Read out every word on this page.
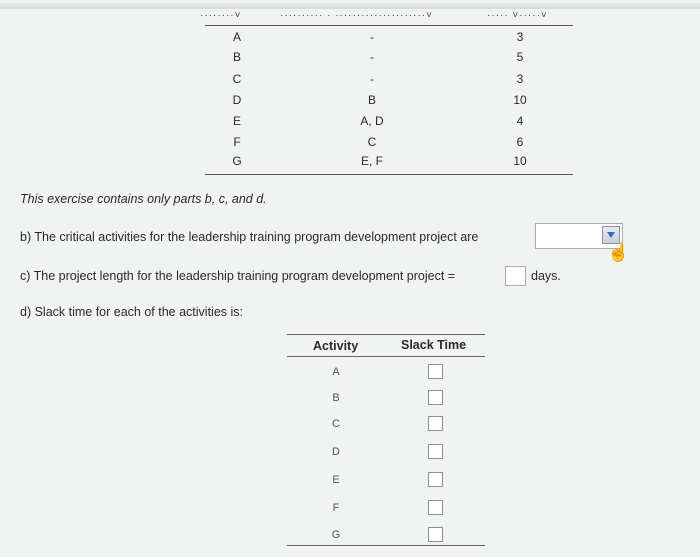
········˅	·········· · ·····················˅	····· ˅·····˅
A	-	3
B	-	5
C	-	3
D	B	10
E	A, D	4
F	C	6
G	E, F	10
This exercise contains only parts b, c, and d.
b) The critical activities for the leadership training program development project are
☝
c) The project length for the leadership training program development project =	days.
d) Slack time for each of the activities is:
Activity	Slack Time
A
B
C
D
E
F
G
